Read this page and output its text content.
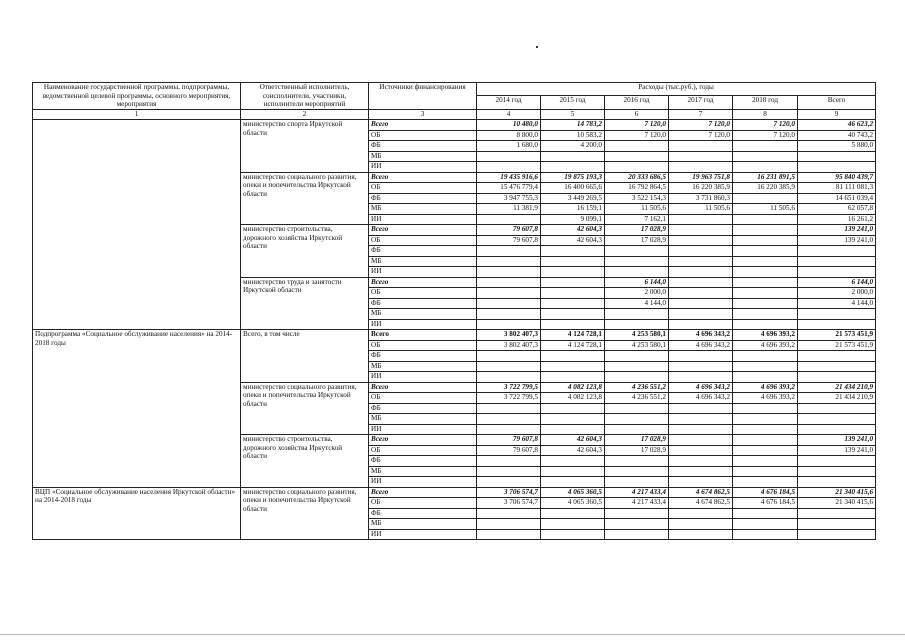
Наименование государственной программы, подпрограммы, ведомственной целевой программы, основного мероприятия, мероприятия	Ответственный исполнитель, соисполнители, участники, исполнители мероприятий	Источники финансирования	Расходы (тыс.руб.), годы					
			2014 год	2015 год	2016 год	2017 год	2018 год	Всего
1	2	3	4	5	6	7	8	9
	министерство спорта Иркутской области	Всего	10 480,0	14 783,2	7 120,0	7 120,0	7 120,0	46 623,2
		ОБ	8 800,0	10 583,2	7 120,0	7 120,0	7 120,0	40 743,2
		ФБ	1 680,0	4 200,0				5 880,0
		МБ						
		ИИ						
	министерство социального развития, опеки и попечительства Иркутской области	Всего	19 435 916,6	19 875 193,3	20 333 686,5	19 963 751,8	16 231 891,5	95 840 439,7
		ОБ	15 476 779,4	16 400 665,6	16 792 864,5	16 220 385,9	16 220 385,9	81 111 081,3
		ФБ	3 947 755,3	3 449 269,5	3 522 154,3	3 731 860,3		14 651 039,4
		МБ	11 381,9	16 159,1	11 505,6	11 505,6	11 505,6	62 057,8
		ИИ		9 099,1	7 162,1			16 261,2
	министерство строительства, дорожного хозяйства Иркутской области	Всего	79 607,8	42 604,3	17 028,9			139 241,0
		ОБ	79 607,8	42 604,3	17 028,9			139 241,0
		ФБ						
		МБ						
		ИИ						
	министерство труда и занятости Иркутской области	Всего			6 144,0			6 144,0
		ОБ			2 000,0			2 000,0
		ФБ			4 144,0			4 144,0
		МБ						
		ИИ						
Подпрограмма «Социальное обслуживание населения» на 2014-2018 годы	Всего, в том числе	Всего	3 802 407,3	4 124 728,1	4 253 580,1	4 696 343,2	4 696 393,2	21 573 451,9
		ОБ	3 802 407,3	4 124 728,1	4 253 580,1	4 696 343,2	4 696 393,2	21 573 451,9
		ФБ						
		МБ						
		ИИ						
	министерство социального развития, опеки и попечительства Иркутской области	Всего	3 722 799,5	4 082 123,8	4 236 551,2	4 696 343,2	4 696 393,2	21 434 210,9
		ОБ	3 722 799,5	4 082 123,8	4 236 551,2	4 696 343,2	4 696 393,2	21 434 210,9
		ФБ						
		МБ						
		ИИ						
	министерство строительства, дорожного хозяйства Иркутской области	Всего	79 607,8	42 604,3	17 028,9			139 241,0
		ОБ	79 607,8	42 604,3	17 028,9			139 241,0
		ФБ						
		МБ						
		ИИ						
ВЦП «Социальное обслуживание населения Иркутской области» на 2014-2018 годы	министерство социального развития, опеки и попечительства Иркутской области	Всего	3 706 574,7	4 065 360,5	4 217 433,4	4 674 862,5	4 676 184,5	21 340 415,6
		ОБ	3 706 574,7	4 065 360,5	4 217 433,4	4 674 862,5	4 676 184,5	21 340 415,6
		ФБ						
		МБ						
		ИИ						
